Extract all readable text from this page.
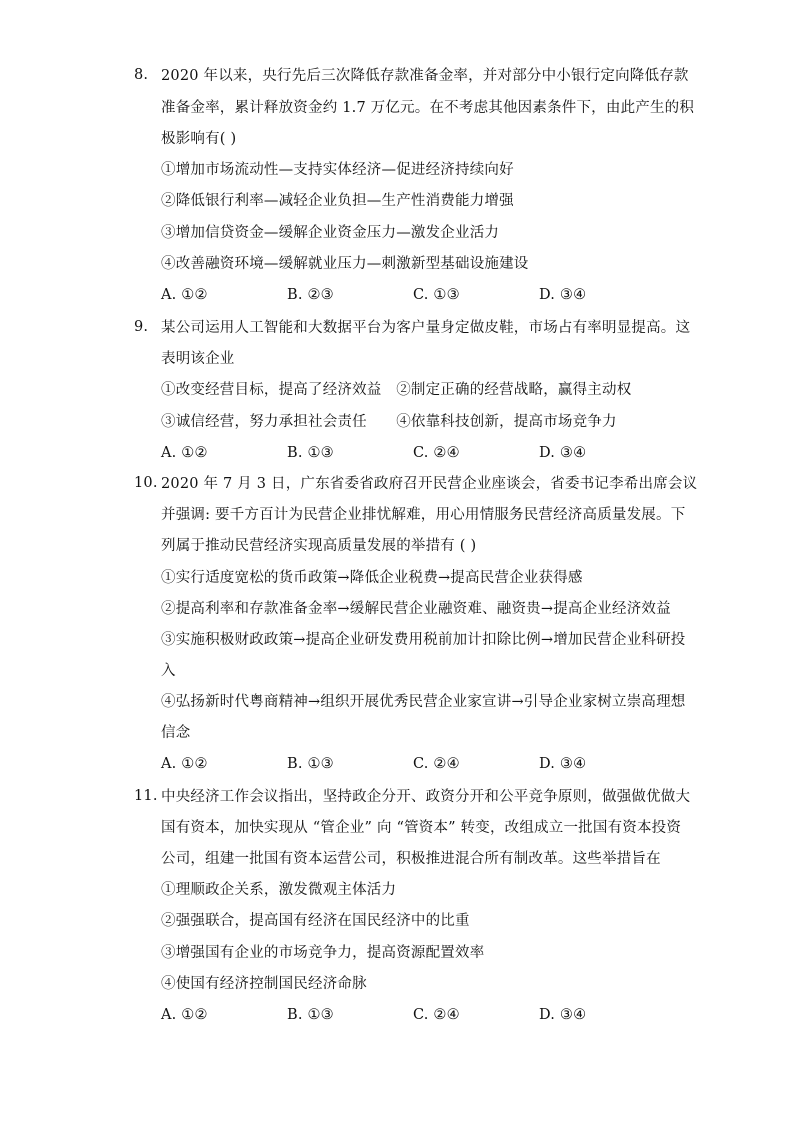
8. 2020 年以来，央行先后三次降低存款准备金率，并对部分中小银行定向降低存款
准备金率，累计释放资金约 1.7 万亿元。在不考虑其他因素条件下，由此产生的积
极影响有( )
①增加市场流动性—支持实体经济—促进经济持续向好
②降低银行利率—减轻企业负担—生产性消费能力增强
③增加信贷资金—缓解企业资金压力—激发企业活力
④改善融资环境—缓解就业压力—刺激新型基础设施建设
A. ①②	B. ②③	C. ①③	D. ③④
9. 某公司运用人工智能和大数据平台为客户量身定做皮鞋，市场占有率明显提高。这
表明该企业
①改变经营目标，提高了经济效益　②制定正确的经营战略，赢得主动权
③诚信经营，努力承担社会责任　　④依靠科技创新，提高市场竞争力
A. ①②	B. ①③	C. ②④	D. ③④
10. 2020 年 7 月 3 日，广东省委省政府召开民营企业座谈会，省委书记李希出席会议
并强调: 要千方百计为民营企业排忧解难，用心用情服务民营经济高质量发展。下
列属于推动民营经济实现高质量发展的举措有 ( )
①实行适度宽松的货币政策→降低企业税费→提高民营企业获得感
②提高利率和存款准备金率→缓解民营企业融资难、融资贵→提高企业经济效益
③实施积极财政政策→提高企业研发费用税前加计扣除比例→增加民营企业科研投
入
④弘扬新时代粤商精神→组织开展优秀民营企业家宣讲→引导企业家树立崇高理想
信念
A. ①②	B. ①③	C. ②④	D. ③④
11. 中央经济工作会议指出，坚持政企分开、政资分开和公平竞争原则，做强做优做大
国有资本，加快实现从 “管企业” 向 “管资本” 转变，改组成立一批国有资本投资
公司，组建一批国有资本运营公司，积极推进混合所有制改革。这些举措旨在
①理顺政企关系，激发微观主体活力
②强强联合，提高国有经济在国民经济中的比重
③增强国有企业的市场竞争力，提高资源配置效率
④使国有经济控制国民经济命脉
A. ①②	B. ①③	C. ②④	D. ③④
